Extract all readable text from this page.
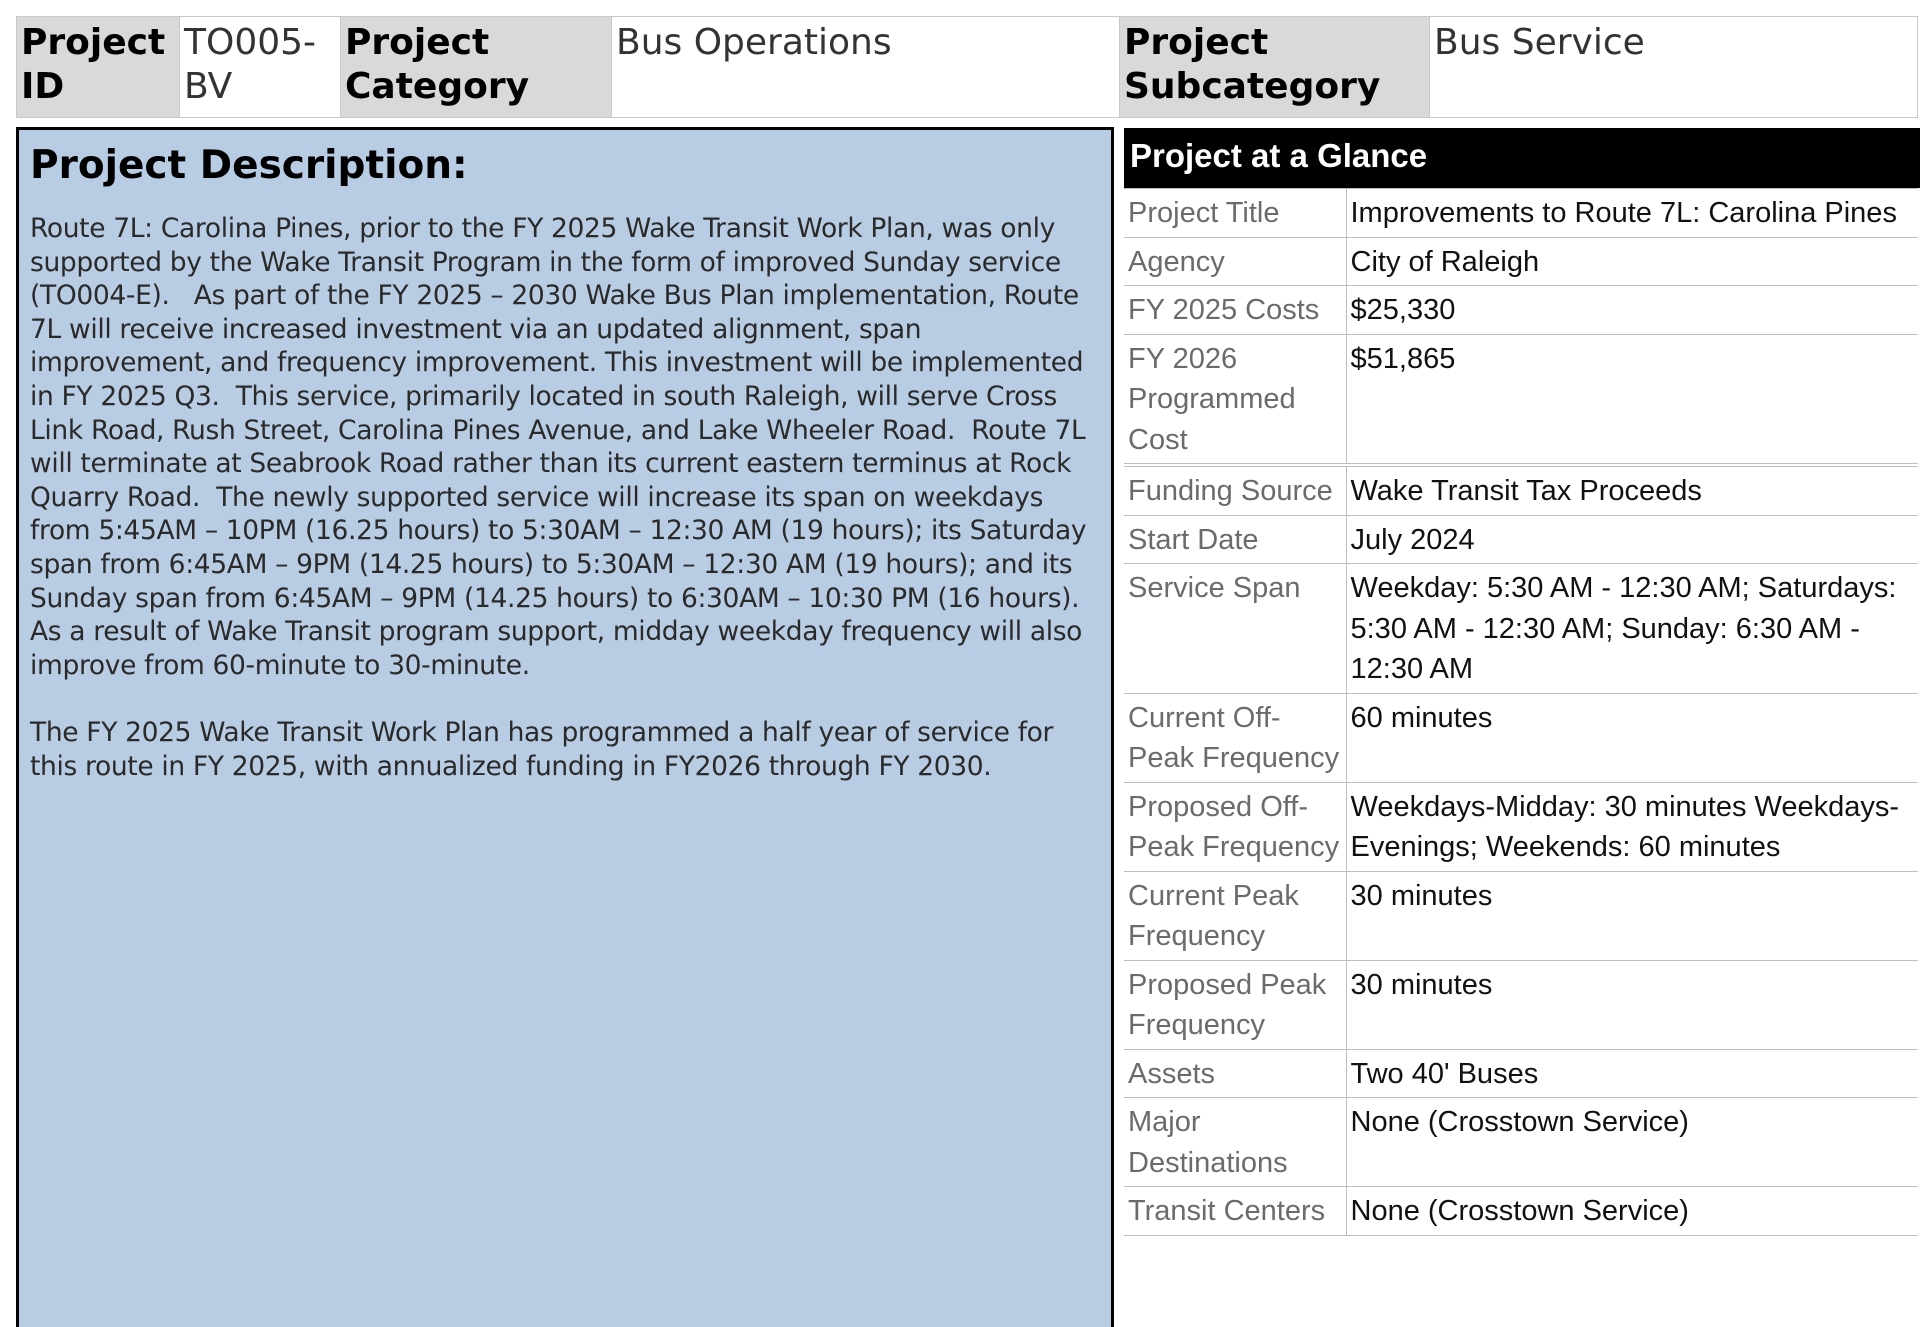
Project ID	TO005-BV	Project Category	Bus Operations	Project Subcategory	Bus Service
Project Description:

Route 7L: Carolina Pines, prior to the FY 2025 Wake Transit Work Plan, was only supported by the Wake Transit Program in the form of improved Sunday service (TO004-E).   As part of the FY 2025 – 2030 Wake Bus Plan implementation, Route 7L will receive increased investment via an updated alignment, span improvement, and frequency improvement. This investment will be implemented in FY 2025 Q3.  This service, primarily located in south Raleigh, will serve Cross Link Road, Rush Street, Carolina Pines Avenue, and Lake Wheeler Road.  Route 7L will terminate at Seabrook Road rather than its current eastern terminus at Rock Quarry Road.  The newly supported service will increase its span on weekdays from 5:45AM – 10PM (16.25 hours) to 5:30AM – 12:30 AM (19 hours); its Saturday span from 6:45AM – 9PM (14.25 hours) to 5:30AM – 12:30 AM (19 hours); and its Sunday span from 6:45AM – 9PM (14.25 hours) to 6:30AM – 10:30 PM (16 hours). As a result of Wake Transit program support, midday weekday frequency will also improve from 60-minute to 30-minute.

The FY 2025 Wake Transit Work Plan has programmed a half year of service for this route in FY 2025, with annualized funding in FY2026 through FY 2030.

Project at a Glance
Project Title	Improvements to Route 7L: Carolina Pines
Agency	City of Raleigh
FY 2025 Costs	$25,330
FY 2026 Programmed Cost	$51,865
Funding Source	Wake Transit Tax Proceeds
Start Date	July 2024
Service Span	Weekday: 5:30 AM - 12:30 AM; Saturdays: 5:30 AM - 12:30 AM; Sunday: 6:30 AM - 12:30 AM
Current Off-Peak Frequency	60 minutes
Proposed Off-Peak Frequency	Weekdays-Midday: 30 minutes Weekdays-Evenings; Weekends: 60 minutes
Current Peak Frequency	30 minutes
Proposed Peak Frequency	30 minutes
Assets	Two 40' Buses
Major Destinations	None (Crosstown Service)
Transit Centers	None (Crosstown Service)
